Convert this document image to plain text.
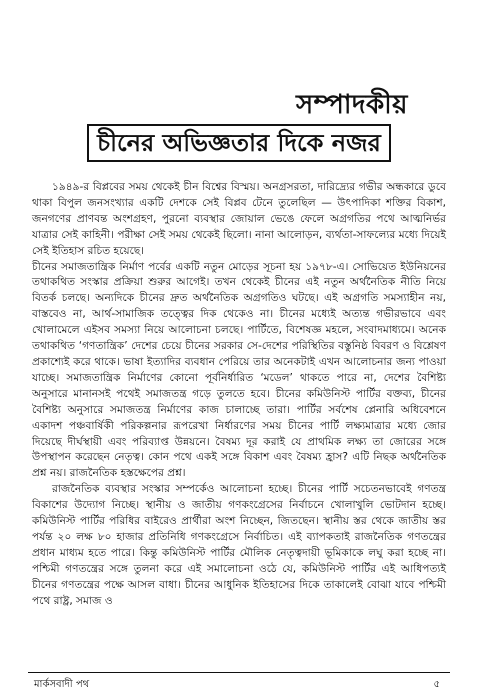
সম্পাদকীয়
চীনের অভিজ্ঞতার দিকে নজর

১৯৪৯-র বিপ্লবের সময় থেকেই চীন বিশ্বের বিস্ময়। অনগ্রসরতা, দারিদ্র্যের গভীর অন্ধকারে ডুবে থাকা বিপুল জনসংখ্যার একটি দেশকে সেই বিপ্লব টেনে তুলেছিল — উৎপাদিকা শক্তির বিকাশ, জনগণের প্রাণবন্ত অংশগ্রহণ, পুরনো ব্যবস্থার জোয়াল ভেঙে ফেলে অগ্রগতির পথে আত্মনির্ভর যাত্রার সেই কাহিনী। পরীক্ষা সেই সময় থেকেই ছিলো। নানা আলোড়ন, ব্যর্থতা-সাফল্যের মধ্যে দিয়েই সেই ইতিহাস রচিত হয়েছে।

চীনের সমাজতান্ত্রিক নির্মাণ পর্বের একটি নতুন মোড়ের সূচনা হয় ১৯৭৮-এ। সোভিয়েত ইউনিয়নের তথাকথিত সংস্কার প্রক্রিয়া শুরুর আগেই। তখন থেকেই চীনের এই নতুন অর্থনৈতিক নীতি নিয়ে বিতর্ক চলছে। অন্যদিকে চীনের দ্রুত অর্থনৈতিক অগ্রগতিও ঘটছে। এই অগ্রগতি সমস্যাহীন নয়, বাস্তবেও না, আর্থ-সামাজিক তত্ত্বের দিক থেকেও না। চীনের মধ্যেই অত্যন্ত গভীরভাবে এবং খোলামেলে এইসব সমস্যা নিয়ে আলোচনা চলছে। পার্টিতে, বিশেষজ্ঞ মহলে, সংবাদমাধ্যমে। অনেক তথাকথিত ‘গণতান্ত্রিক’ দেশের চেয়ে চীনের সরকার সে-দেশের পরিস্থিতির বস্তুনিষ্ঠ বিবরণ ও বিশ্লেষণ প্রকাশ্যেই করে থাকে। ভাষা ইত্যাদির ব্যবধান পেরিয়ে তার অনেকটাই এখন আলোচনার জন্য পাওয়া যাচ্ছে। সমাজতান্ত্রিক নির্মাণের কোনো পূর্বনির্ধারিত ‘মডেল’ থাকতে পারে না, দেশের বৈশিষ্ট্য অনুসারে মানানসই পথেই সমাজতন্ত্র গড়ে তুলতে হবে। চীনের কমিউনিস্ট পার্টির বক্তব্য, চীনের বৈশিষ্ট্য অনুসারে সমাজতন্ত্র নির্মাণের কাজ চালাচ্ছে তারা। পার্টির সর্বশেষ প্লেনারি অধিবেশনে একাদশ পঞ্চবার্ষিকী পরিকল্পনার রূপরেখা নির্ধারণের সময় চীনের পার্টি লক্ষ্যমাত্রার মধ্যে জোর দিয়েছে দীর্ঘস্থায়ী এবং পরিব্যাপ্ত উন্নয়নে। বৈষম্য দূর করাই যে প্রাথমিক লক্ষ্য তা জোরের সঙ্গে উপস্থাপন করেছেন নেতৃত্ব। কোন পথে একই সঙ্গে বিকাশ এবং বৈষম্য হ্রাস? এটি নিছক অর্থনৈতিক প্রশ্ন নয়। রাজনৈতিক হস্তক্ষেপের প্রশ্ন।

রাজনৈতিক ব্যবস্থার সংস্কার সম্পর্কেও আলোচনা হচ্ছে। চীনের পার্টি সচেতনভাবেই গণতন্ত্র বিকাশের উদ্যোগ নিচ্ছে। স্থানীয় ও জাতীয় গণকংগ্রেসের নির্বাচনে খোলাখুলি ভোটদান হচ্ছে। কমিউনিস্ট পার্টির পরিধির বাইরেও প্রার্থীরা অংশ নিচ্ছেন, জিতছেন। স্থানীয় স্তর থেকে জাতীয় স্তর পর্যন্ত ২০ লক্ষ ৮০ হাজার প্রতিনিধি গণকংগ্রেসে নির্বাচিত। এই ব্যাপকতাই রাজনৈতিক গণতন্ত্রের প্রধান মাধ্যম হতে পারে। কিন্তু কমিউনিস্ট পার্টির মৌলিক নেতৃত্বদায়ী ভূমিকাকে লঘু করা হচ্ছে না। পশ্চিমী গণতন্ত্রের সঙ্গে তুলনা করে এই সমালোচনা ওঠে যে, কমিউনিস্ট পার্টির এই আধিপত্যই চীনের গণতন্ত্রের পক্ষে আসল বাধা। চীনের আধুনিক ইতিহাসের দিকে তাকালেই বোঝা যাবে পশ্চিমী পথে রাষ্ট্র, সমাজ ও

মার্কসবাদী পথ	৫
